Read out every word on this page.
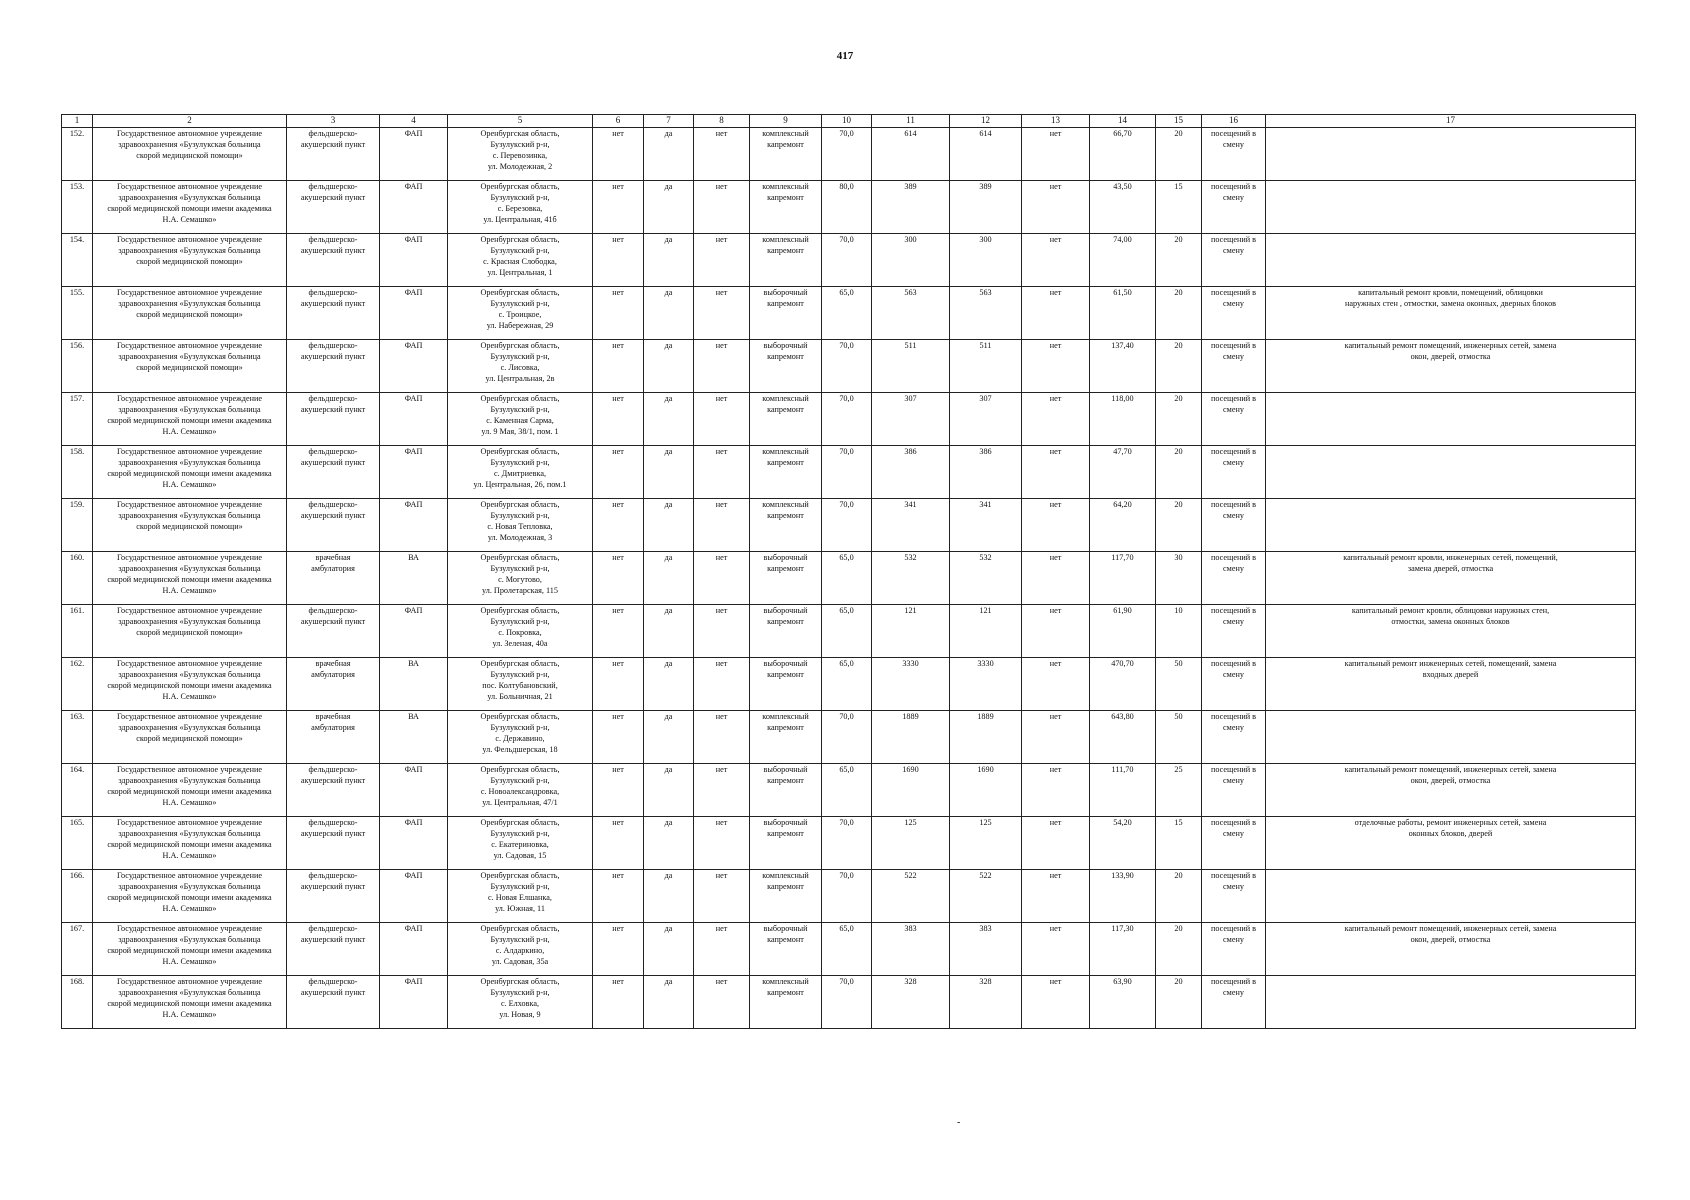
417
1	2	3	4	5	6	7	8	9	10	11	12	13	14	15	16	17
152.	Государственное автономное учреждение
здравоохранения «Бузулукская больница
скорой медицинской помощи»	фельдшерско-
акушерский пункт	ФАП	Оренбургская область,
Бузулукский р-н,
с. Перевозинка,
ул. Молодежная, 2	нет	да	нет	комплексный
капремонт	70,0	614	614	нет	66,70	20	посещений в
смену	
153.	Государственное автономное учреждение
здравоохранения «Бузулукская больница
скорой медицинской помощи имени академика
Н.А. Семашко»	фельдшерско-
акушерский пункт	ФАП	Оренбургская область,
Бузулукский р-н,
с. Березовка,
ул. Центральная, 41б	нет	да	нет	комплексный
капремонт	80,0	389	389	нет	43,50	15	посещений в
смену	
154.	Государственное автономное учреждение
здравоохранения «Бузулукская больница
скорой медицинской помощи»	фельдшерско-
акушерский пункт	ФАП	Оренбургская область,
Бузулукский р-н,
с. Красная Слободка,
ул. Центральная, 1	нет	да	нет	комплексный
капремонт	70,0	300	300	нет	74,00	20	посещений в
смену	
155.	Государственное автономное учреждение
здравоохранения «Бузулукская больница
скорой медицинской помощи»	фельдшерско-
акушерский пункт	ФАП	Оренбургская область,
Бузулукский р-н,
с. Троицкое,
ул. Набережная, 29	нет	да	нет	выборочный
капремонт	65,0	563	563	нет	61,50	20	посещений в
смену	капитальный ремонт кровли, помещений, облицовки
наружных стен , отмостки, замена оконных, дверных блоков
156.	Государственное автономное учреждение
здравоохранения «Бузулукская больница
скорой медицинской помощи»	фельдшерско-
акушерский пункт	ФАП	Оренбургская область,
Бузулукский р-н,
с. Лисовка,
ул. Центральная, 2в	нет	да	нет	выборочный
капремонт	70,0	511	511	нет	137,40	20	посещений в
смену	капитальный ремонт помещений, инженерных сетей, замена
окон, дверей, отмостка
157.	Государственное автономное учреждение
здравоохранения «Бузулукская больница
скорой медицинской помощи имени академика
Н.А. Семашко»	фельдшерско-
акушерский пункт	ФАП	Оренбургская область,
Бузулукский р-н,
с. Каменная Сарма,
ул. 9 Мая, 38/1, пом. 1	нет	да	нет	комплексный
капремонт	70,0	307	307	нет	118,00	20	посещений в
смену	
158.	Государственное автономное учреждение
здравоохранения «Бузулукская больница
скорой медицинской помощи имени академика
Н.А. Семашко»	фельдшерско-
акушерский пункт	ФАП	Оренбургская область,
Бузулукский р-н,
с. Дмитриевка,
ул. Центральная, 26, пом.1	нет	да	нет	комплексный
капремонт	70,0	386	386	нет	47,70	20	посещений в
смену	
159.	Государственное автономное учреждение
здравоохранения «Бузулукская больница
скорой медицинской помощи»	фельдшерско-
акушерский пункт	ФАП	Оренбургская область,
Бузулукский р-н,
с. Новая Тепловка,
ул. Молодежная, 3	нет	да	нет	комплексный
капремонт	70,0	341	341	нет	64,20	20	посещений в
смену	
160.	Государственное автономное учреждение
здравоохранения «Бузулукская больница
скорой медицинской помощи имени академика
Н.А. Семашко»	врачебная
амбулатория	ВА	Оренбургская область,
Бузулукский р-н,
с. Могутово,
ул. Пролетарская, 115	нет	да	нет	выборочный
капремонт	65,0	532	532	нет	117,70	30	посещений в
смену	капитальный ремонт кровли, инженерных сетей, помещений,
замена дверей, отмостка
161.	Государственное автономное учреждение
здравоохранения «Бузулукская больница
скорой медицинской помощи»	фельдшерско-
акушерский пункт	ФАП	Оренбургская область,
Бузулукский р-н,
с. Покровка,
ул. Зеленая, 40а	нет	да	нет	выборочный
капремонт	65,0	121	121	нет	61,90	10	посещений в
смену	капитальный ремонт кровли, облицовки наружных стен,
отмостки, замена оконных блоков
162.	Государственное автономное учреждение
здравоохранения «Бузулукская больница
скорой медицинской помощи имени академика
Н.А. Семашко»	врачебная
амбулатория	ВА	Оренбургская область,
Бузулукский р-н,
пос. Колтубановский,
ул. Больничная, 21	нет	да	нет	выборочный
капремонт	65,0	3330	3330	нет	470,70	50	посещений в
смену	капитальный ремонт инженерных сетей, помещений, замена
входных дверей
163.	Государственное автономное учреждение
здравоохранения «Бузулукская больница
скорой медицинской помощи»	врачебная
амбулатория	ВА	Оренбургская область,
Бузулукский р-н,
с. Державино,
ул. Фельдшерская, 18	нет	да	нет	комплексный
капремонт	70,0	1889	1889	нет	643,80	50	посещений в
смену	
164.	Государственное автономное учреждение
здравоохранения «Бузулукская больница
скорой медицинской помощи имени академика
Н.А. Семашко»	фельдшерско-
акушерский пункт	ФАП	Оренбургская область,
Бузулукский р-н,
с. Новоалександровка,
ул. Центральная, 47/1	нет	да	нет	выборочный
капремонт	65,0	1690	1690	нет	111,70	25	посещений в
смену	капитальный ремонт помещений, инженерных сетей, замена
окон, дверей, отмостка
165.	Государственное автономное учреждение
здравоохранения «Бузулукская больница
скорой медицинской помощи имени академика
Н.А. Семашко»	фельдшерско-
акушерский пункт	ФАП	Оренбургская область,
Бузулукский р-н,
с. Екатериновка,
ул. Садовая, 15	нет	да	нет	выборочный
капремонт	70,0	125	125	нет	54,20	15	посещений в
смену	отделочные работы, ремонт инженерных сетей, замена
оконных блоков, дверей
166.	Государственное автономное учреждение
здравоохранения «Бузулукская больница
скорой медицинской помощи имени академика
Н.А. Семашко»	фельдшерско-
акушерский пункт	ФАП	Оренбургская область,
Бузулукский р-н,
с. Новая Елшанка,
ул. Южная, 11	нет	да	нет	комплексный
капремонт	70,0	522	522	нет	133,90	20	посещений в
смену	
167.	Государственное автономное учреждение
здравоохранения «Бузулукская больница
скорой медицинской помощи имени академика
Н.А. Семашко»	фельдшерско-
акушерский пункт	ФАП	Оренбургская область,
Бузулукский р-н,
с. Алдаркино,
ул. Садовая, 35а	нет	да	нет	выборочный
капремонт	65,0	383	383	нет	117,30	20	посещений в
смену	капитальный ремонт помещений, инженерных сетей, замена
окон, дверей, отмостка
168.	Государственное автономное учреждение
здравоохранения «Бузулукская больница
скорой медицинской помощи имени академика
Н.А. Семашко»	фельдшерско-
акушерский пункт	ФАП	Оренбургская область,
Бузулукский р-н,
с. Елховка,
ул. Новая, 9	нет	да	нет	комплексный
капремонт	70,0	328	328	нет	63,90	20	посещений в
смену	
-
